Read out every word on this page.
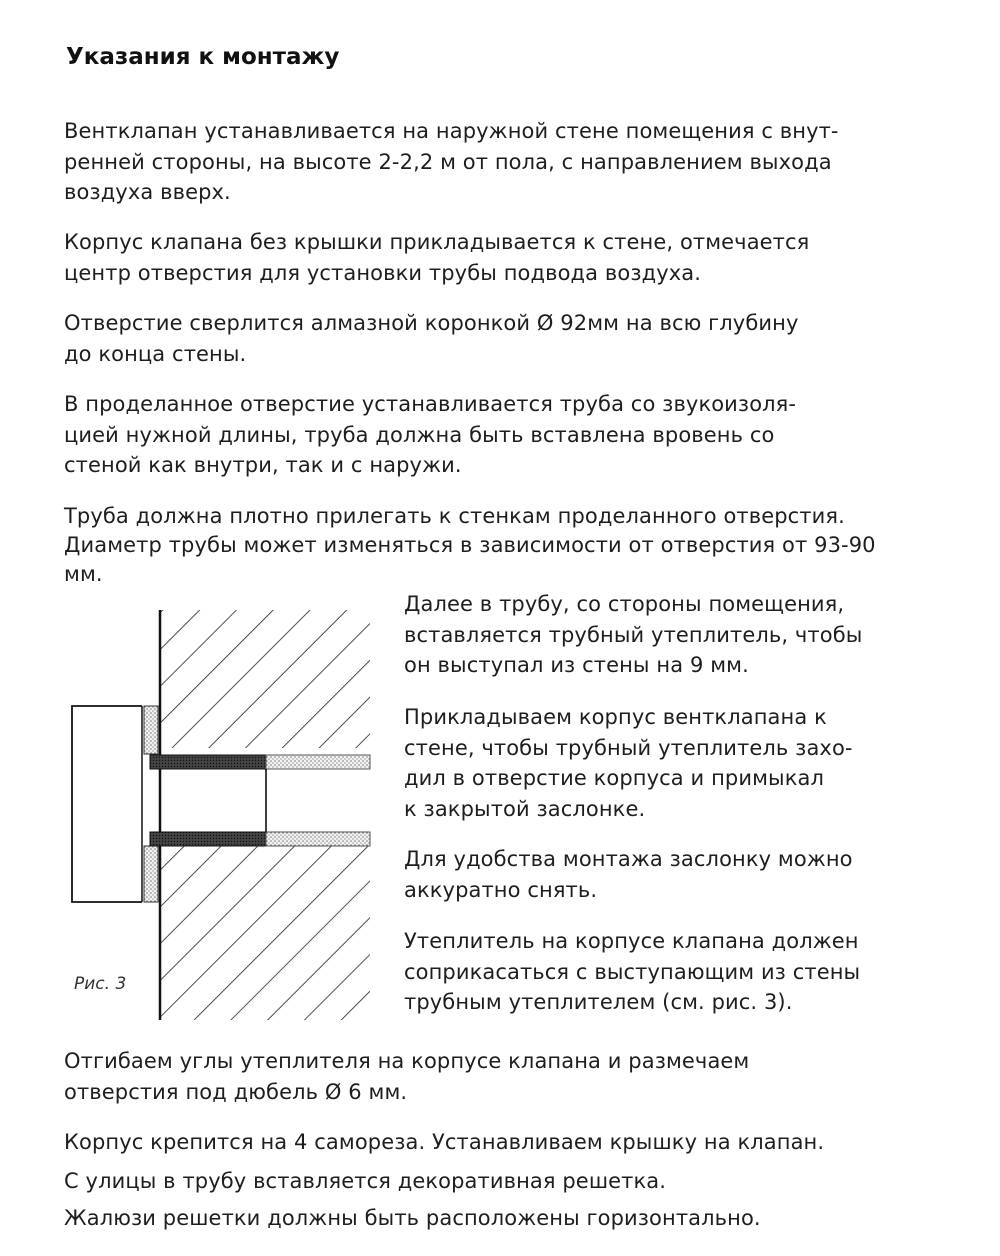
Указания к монтажу

Вентклапан устанавливается на наружной стене помещения с внут-
ренней стороны, на высоте 2-2,2 м от пола, с направлением выхода
воздуха вверх.

Корпус клапана без крышки прикладывается к стене, отмечается
центр отверстия для установки трубы подвода воздуха.

Отверстие сверлится алмазной коронкой Ø 92мм на всю глубину
до конца стены.

В проделанное отверстие устанавливается труба со звукоизоля-
цией нужной длины, труба должна быть вставлена вровень со
стеной как внутри, так и с наружи.

Труба должна плотно прилегать к стенкам проделанного отверстия.
Диаметр трубы может изменяться в зависимости от отверстия от 93-90
мм.

Далее в трубу, со стороны помещения,
вставляется трубный утеплитель, чтобы
он выступал из стены на 9 мм.

Прикладываем корпус вентклапана к
стене, чтобы трубный утеплитель захо-
дил в отверстие корпуса и примыкал
к закрытой заслонке.

Для удобства монтажа заслонку можно
аккуратно снять.

Утеплитель на корпусе клапана должен
соприкасаться с выступающим из стены
трубным утеплителем (см. рис. 3).

Рис. 3

Отгибаем углы утеплителя на корпусе клапана и размечаем
отверстия под дюбель Ø 6 мм.

Корпус крепится на 4 самореза. Устанавливаем крышку на клапан.

С улицы в трубу вставляется декоративная решетка.

Жалюзи решетки должны быть расположены горизонтально.
